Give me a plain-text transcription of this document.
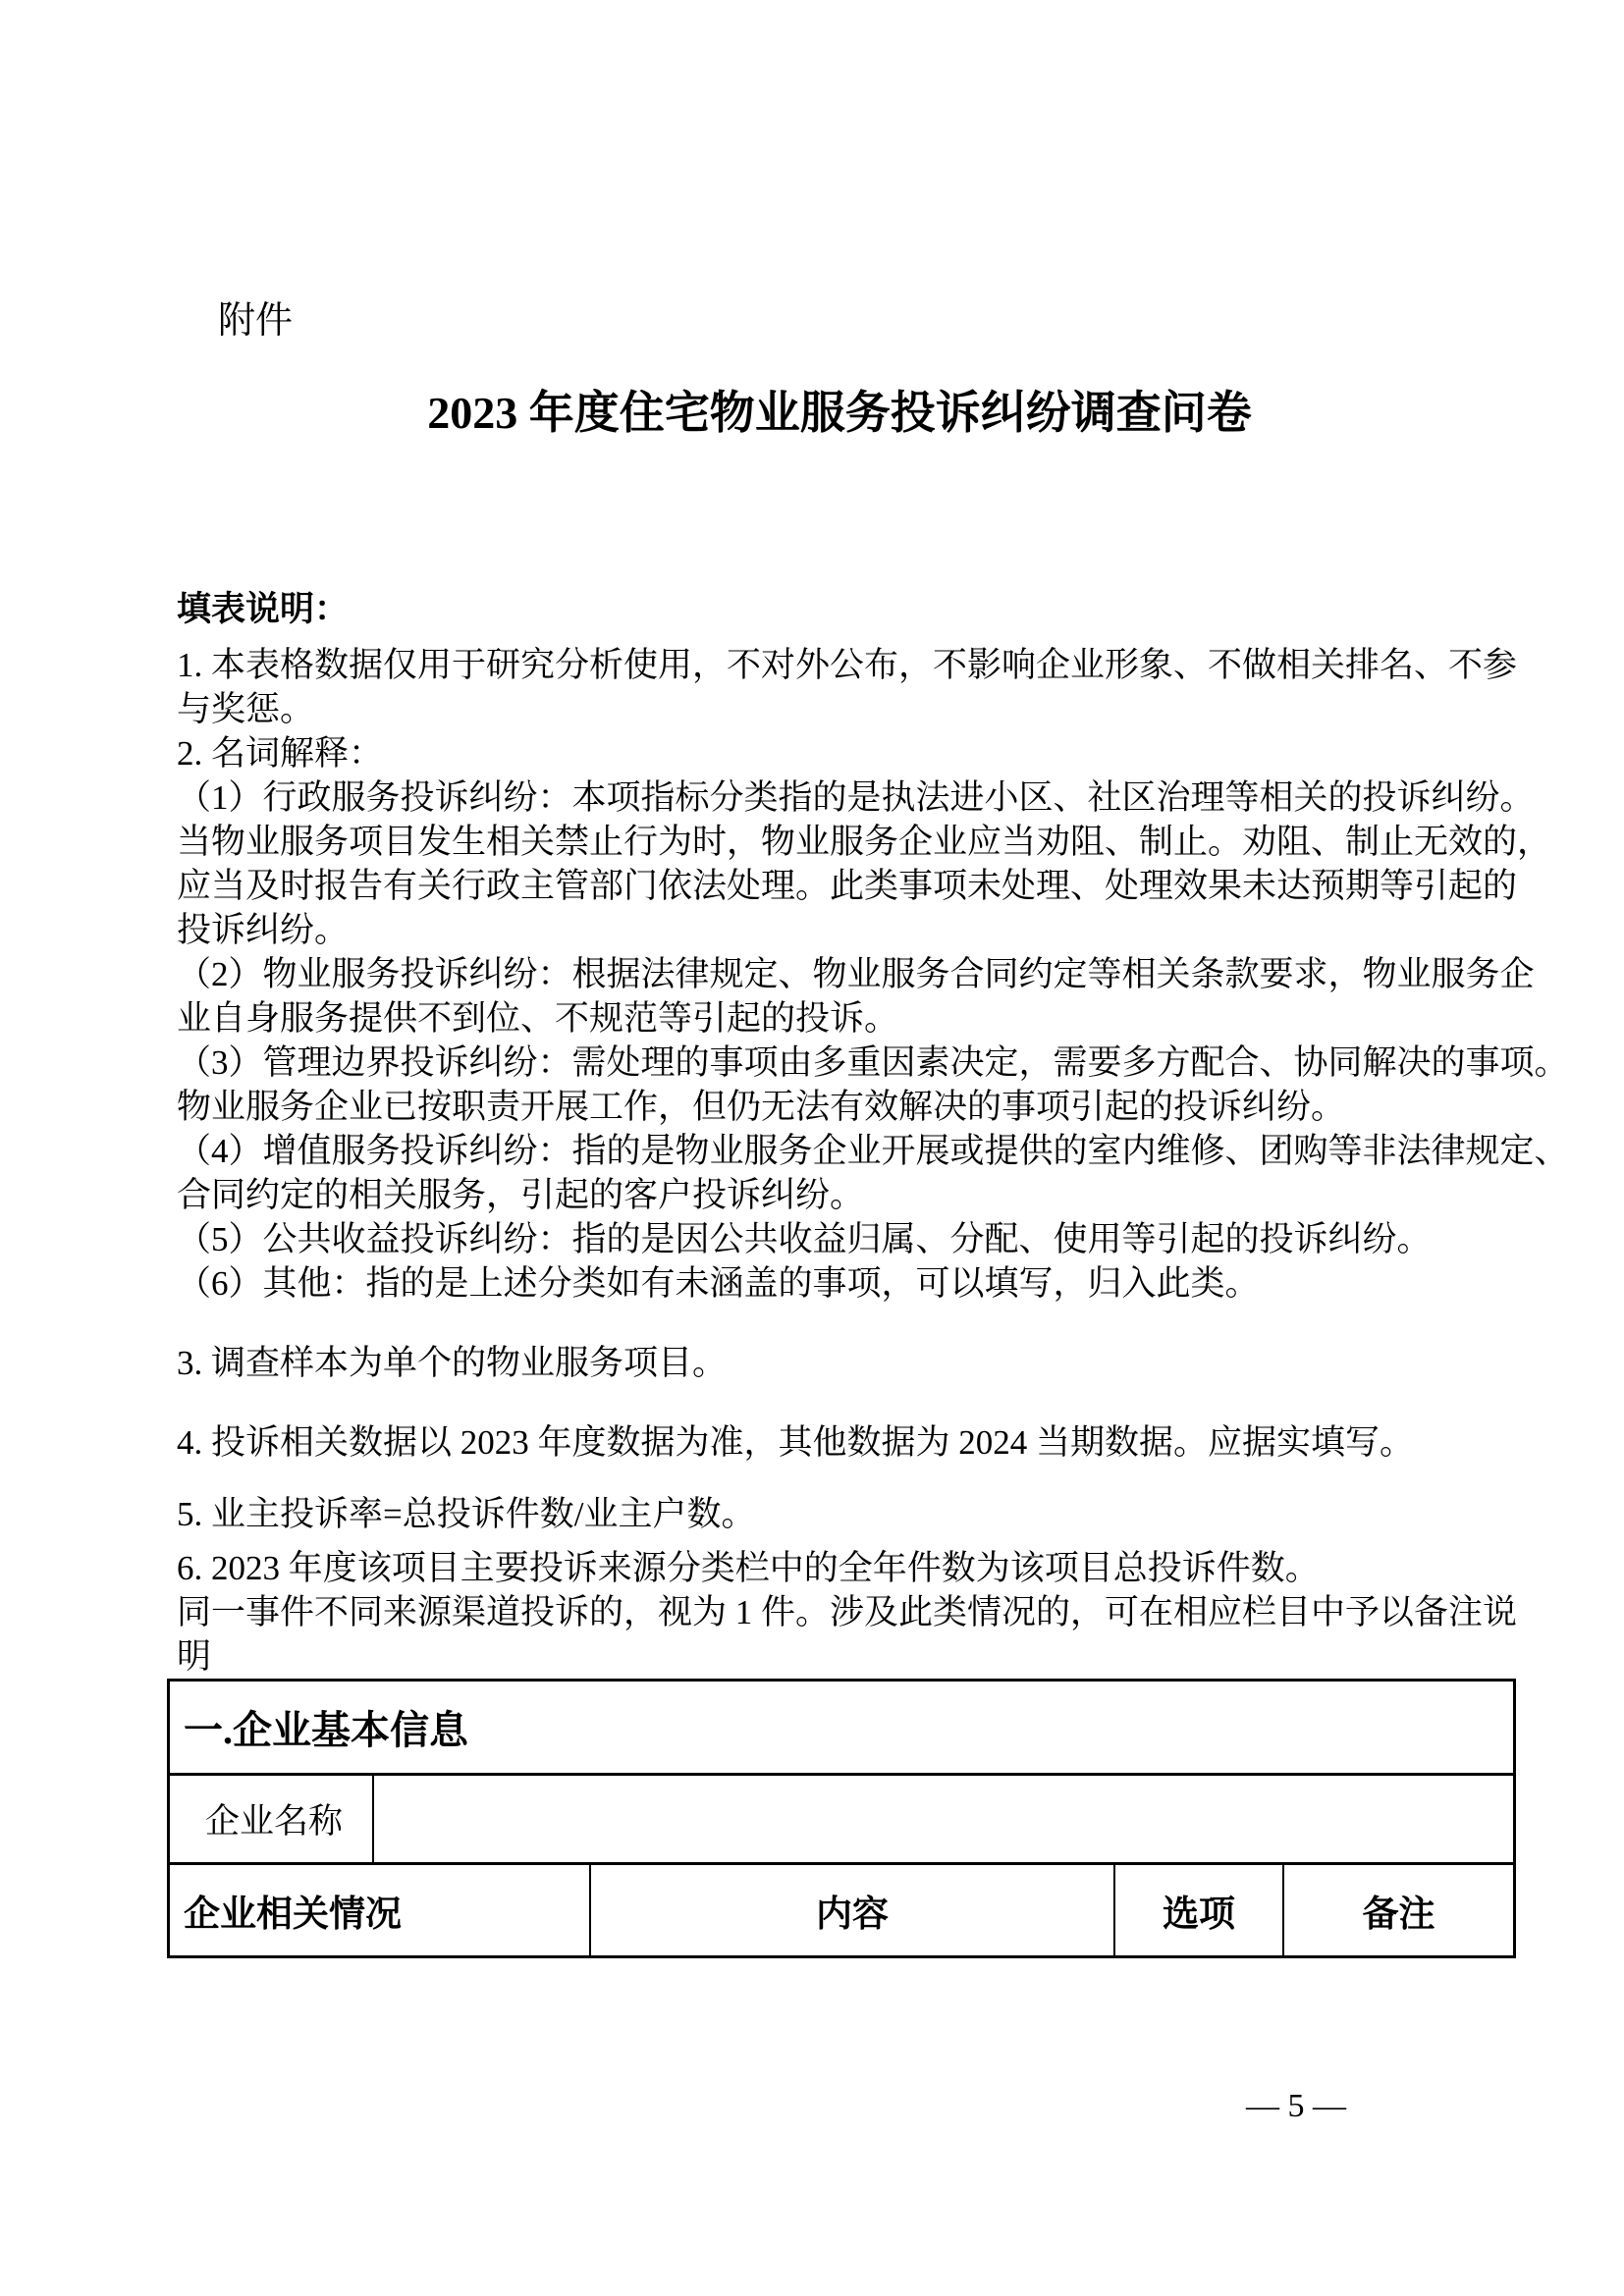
附件
2023 年度住宅物业服务投诉纠纷调查问卷
填表说明：
1. 本表格数据仅用于研究分析使用，不对外公布，不影响企业形象、不做相关排名、不参
与奖惩。
2. 名词解释：
（1）行政服务投诉纠纷：本项指标分类指的是执法进小区、社区治理等相关的投诉纠纷。
当物业服务项目发生相关禁止行为时，物业服务企业应当劝阻、制止。劝阻、制止无效的，
应当及时报告有关行政主管部门依法处理。此类事项未处理、处理效果未达预期等引起的
投诉纠纷。
（2）物业服务投诉纠纷：根据法律规定、物业服务合同约定等相关条款要求，物业服务企
业自身服务提供不到位、不规范等引起的投诉。
（3）管理边界投诉纠纷：需处理的事项由多重因素决定，需要多方配合、协同解决的事项。
物业服务企业已按职责开展工作，但仍无法有效解决的事项引起的投诉纠纷。
（4）增值服务投诉纠纷：指的是物业服务企业开展或提供的室内维修、团购等非法律规定、
合同约定的相关服务，引起的客户投诉纠纷。
（5）公共收益投诉纠纷：指的是因公共收益归属、分配、使用等引起的投诉纠纷。
（6）其他：指的是上述分类如有未涵盖的事项，可以填写，归入此类。
3. 调查样本为单个的物业服务项目。
4. 投诉相关数据以 2023 年度数据为准，其他数据为 2024 当期数据。应据实填写。
5. 业主投诉率=总投诉件数/业主户数。
6. 2023 年度该项目主要投诉来源分类栏中的全年件数为该项目总投诉件数。
同一事件不同来源渠道投诉的，视为 1 件。涉及此类情况的，可在相应栏目中予以备注说
明
一.企业基本信息
企业名称
企业相关情况	内容	选项	备注
— 5 —
